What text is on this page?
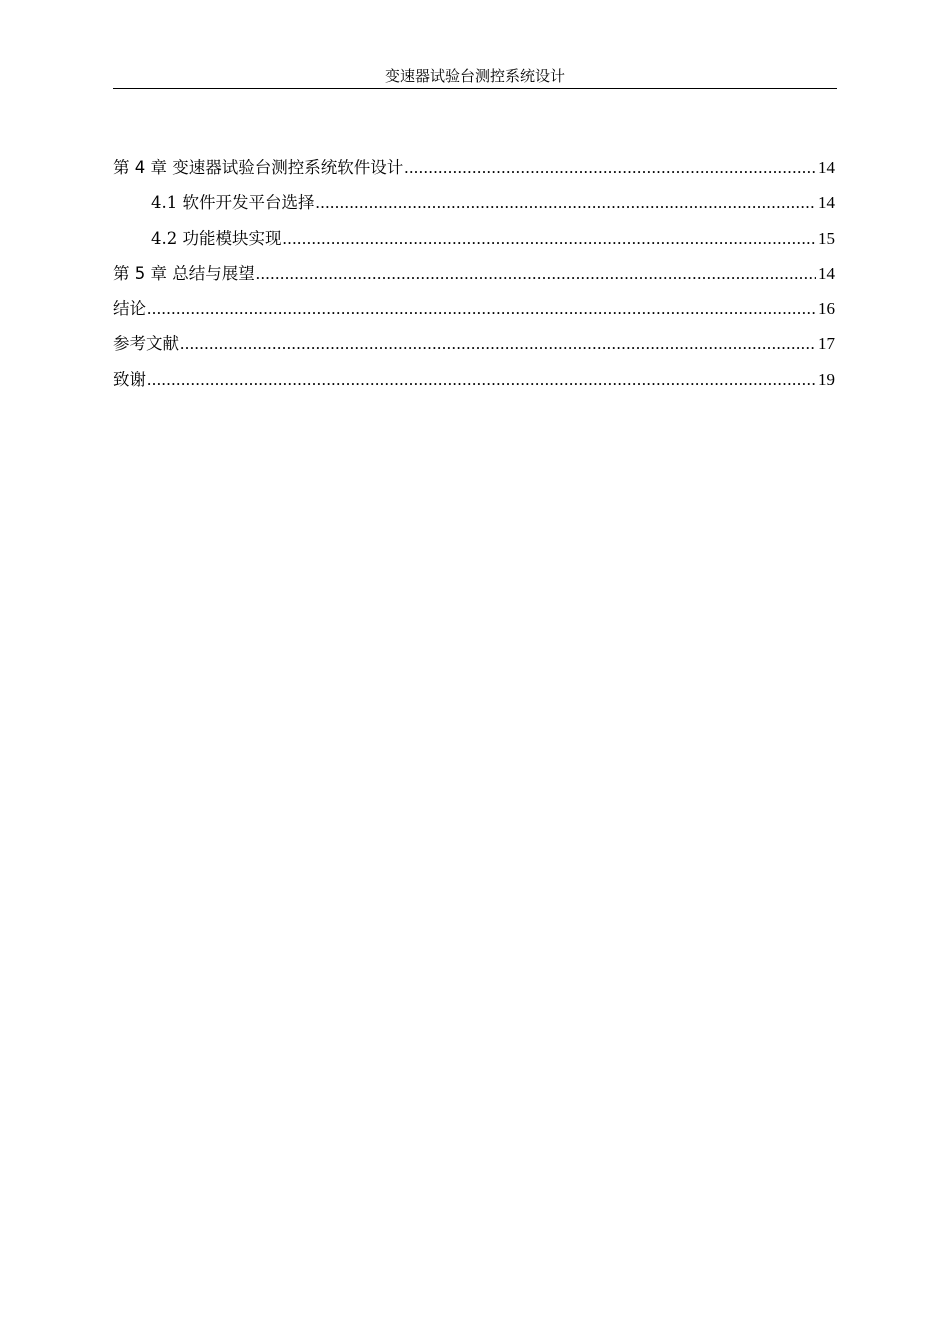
变速器试验台测控系统设计
第 4 章 变速器试验台测控系统软件设计 .....	14
4.1 软件开发平台选择 .....	14
4.2 功能模块实现 .....	15
第 5 章 总结与展望 .....	14
结论 .....	16
参考文献 .....	17
致谢 .....	19
